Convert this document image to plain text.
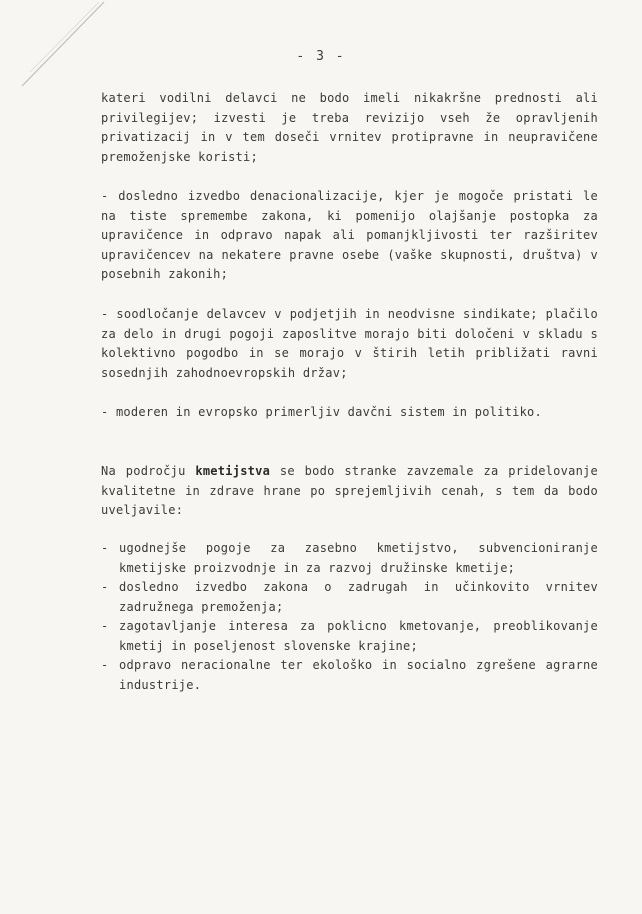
- 3 -

kateri vodilni delavci ne bodo imeli nikakršne prednosti ali privilegijev; izvesti je treba revizijo vseh že opravljenih privatizacij in v tem doseči vrnitev protipravne in neupravičene premoženjske koristi;

- dosledno izvedbo denacionalizacije, kjer je mogoče pristati le na tiste spremembe zakona, ki pomenijo olajšanje postopka za upravičence in odpravo napak ali pomanjkljivosti ter razširitev upravičencev na nekatere pravne osebe (vaške skupnosti, društva) v posebnih zakonih;

- soodločanje delavcev v podjetjih in neodvisne sindikate; plačilo za delo in drugi pogoji zaposlitve morajo biti določeni v skladu s kolektivno pogodbo in se morajo v štirih letih približati ravni sosednjih zahodnoevropskih držav;

- moderen in evropsko primerljiv davčni sistem in politiko.

Na področju kmetijstva se bodo stranke zavzemale za pridelovanje kvalitetne in zdrave hrane po sprejemljivih cenah, s tem da bodo uveljavile:

- ugodnejše pogoje za zasebno kmetijstvo, subvencioniranje kmetijske proizvodnje in za razvoj družinske kmetije;
- dosledno izvedbo zakona o zadrugah in učinkovito vrnitev zadružnega premoženja;
- zagotavljanje interesa za poklicno kmetovanje, preoblikovanje kmetij in poseljenost slovenske krajine;
- odpravo neracionalne ter ekološko in socialno zgrešene agrarne industrije.
